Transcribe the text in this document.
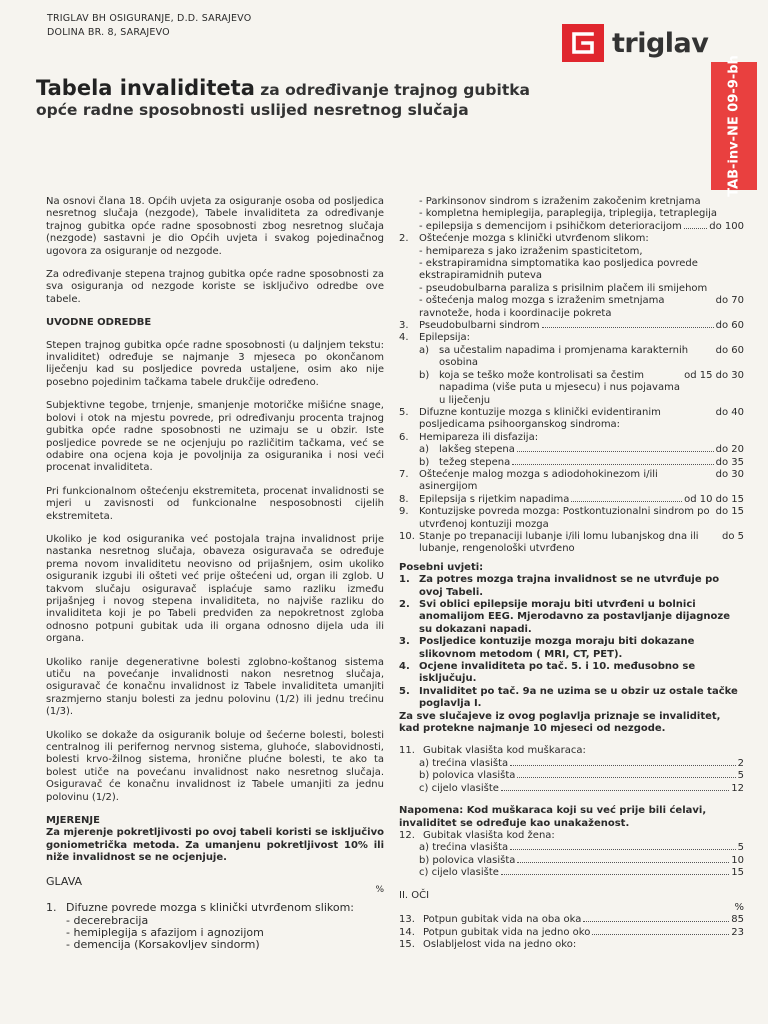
TRIGLAV BH OSIGURANJE, D.D. SARAJEVO
DOLINA BR. 8, SARAJEVO	triglav
Tabela invaliditeta za određivanje trajnog gubitka
opće radne sposobnosti uslijed nesretnog slučaja	TAB-inv-NE 09-9-bh

Na osnovi člana 18. Općih uvjeta za osiguranje osoba od posljedica nesretnog slučaja (nezgode), Tabele invaliditeta za određivanje trajnog gubitka opće radne sposobnosti zbog nesretnog slučaja (nezgode) sastavni je dio Općih uvjeta i svakog pojedinačnog ugovora za osiguranje od nezgode.

Za određivanje stepena trajnog gubitka opće radne sposobnosti za sva osiguranja od nezgode koriste se isključivo odredbe ove tabele.

UVODNE ODREDBE

Stepen trajnog gubitka opće radne sposobnosti (u daljnjem tekstu: invaliditet) određuje se najmanje 3 mjeseca po okončanom liječenju kad su posljedice povreda ustaljene, osim ako nije posebno pojedinim tačkama tabele drukčije određeno.

Subjektivne tegobe, trnjenje, smanjenje motoričke mišićne snage, bolovi i otok na mjestu povrede, pri određivanju procenta trajnog gubitka opće radne sposobnosti ne uzimaju se u obzir. Iste posljedice povrede se ne ocjenjuju po različitim tačkama, već se odabire ona ocjena koja je povoljnija za osiguranika i nosi veći procenat invaliditeta.

Pri funkcionalnom oštećenju ekstremiteta, procenat invalidnosti se mjeri u zavisnosti od funkcionalne nesposobnosti cijelih ekstremiteta.

Ukoliko je kod osiguranika već postojala trajna invalidnost prije nastanka nesretnog slučaja, obaveza osiguravača se određuje prema novom invaliditetu neovisno od prijašnjem, osim ukoliko osiguranik izgubi ili ošteti već prije oštećeni ud, organ ili zglob. U takvom slučaju osiguravač isplaćuje samo razliku između prijašnjeg i novog stepena invaliditeta, no najviše razliku do invaliditeta koji je po Tabeli predviđen za nepokretnost zgloba odnosno potpuni gubitak uda ili organa odnosno dijela uda ili organa.

Ukoliko ranije degenerativne bolesti zglobno-koštanog sistema utiču na povećanje invalidnosti nakon nesretnog slučaja, osiguravač će konačnu invalidnost iz Tabele invaliditeta umanjiti srazmjerno stanju bolesti za jednu polovinu (1/2) ili jednu trećinu (1/3).

Ukoliko se dokaže da osiguranik boluje od šećerne bolesti, bolesti centralnog ili perifernog nervnog sistema, gluhoće, slabovidnosti, bolesti krvo-žilnog sistema, hronične plućne bolesti, te ako ta bolest utiče na povećanu invalidnost nako nesretnog slučaja. Osiguravač će konačnu invalidnost iz Tabele umanjiti za jednu polovinu (1/2).

MJERENJE

Za mjerenje pokretljivosti po ovoj tabeli koristi se isključivo goniometrička metoda. Za umanjenu pokretljivost 10% ili niže invalidnost se ne ocjenjuje.

GLAVA
%
1. Difuzne povrede mozga s klinički utvrđenom slikom:
- decerebracija
- hemiplegija s afazijom i agnozijom
- demencija (Korsakovljev sindorm)
- Parkinsonov sindrom s izraženim zakočenim kretnjama
- kompletna hemiplegija, paraplegija, triplegija, tetraplegija
- epilepsija s demencijom i psihičkom deterioracijom	do 100
2.	Oštećenje mozga s klinički utvrđenom slikom:
- hemipareza s jako izraženim spasticitetom,
- ekstrapiramidna simptomatika kao posljedica povrede ekstrapiramidnih puteva
- pseudobulbarna paraliza s prisilnim plačem ili smijehom
- oštećenja malog mozga s izraženim smetnjama ravnoteže, hoda i koordinacije pokreta
do 70
3.	Pseudobulbarni sindrom	do 60
4.	Epilepsija:
a) sa učestalim napadima i promjenama karakternih osobina
do 60
b) koja se teško može kontrolisati sa čestim napadima (više puta u mjesecu) i nus pojavama u liječenju
od 15 do 30
5.	Difuzne kontuzije mozga s klinički evidentiranim posljedicama psihoorganskog sindroma:
do 40
6.	Hemipareza ili disfazija:
a) lakšeg stepena	do 20
b) težeg stepena	do 35
7.	Oštećenje malog mozga s adiodohokinezom i/ili asinergijom
do 30
8.	Epilepsija s rijetkim napadima	od 10 do 15
9.	Kontuzijske povreda mozga: Postkontuzionalni sindrom po utvrđenoj kontuziji mozga
do 15
10. Stanje po trepanaciji lubanje i/ili lomu lubanjskog dna ili lubanje, rengenološki utvrđeno
do 5
Posebni uvjeti:
1. Za potres mozga trajna invalidnost se ne utvrđuje po ovoj Tabeli.
2. Svi oblici epilepsije moraju biti utvrđeni u bolnici anomalijom EEG. Mjerodavno za postavljanje dijagnoze su dokazani napadi.
3. Posljedice kontuzije mozga moraju biti dokazane slikovnom metodom ( MRI, CT, PET).
4. Ocjene invaliditeta po tač. 5. i 10. međusobno se isključuju.
5. Invaliditet po tač. 9a ne uzima se u obzir uz ostale tačke poglavlja I.
Za sve slučajeve iz ovog poglavlja priznaje se invaliditet, kad protekne najmanje 10 mjeseci od nezgode.
11. Gubitak vlasišta kod muškaraca:
a) trećina vlasišta	2
b) polovica vlasišta	5
c) cijelo vlasište	12
Napomena: Kod muškaraca koji su već prije bili ćelavi, invaliditet se određuje kao unakaženost.
12. Gubitak vlasišta kod žena:
a) trećina vlasišta	5
b) polovica vlasišta	10
c) cijelo vlasište	15
II. OČI
%
13. Potpun gubitak vida na oba oka	85
14. Potpun gubitak vida na jedno oko	23
15. Oslabljelost vida na jedno oko:
